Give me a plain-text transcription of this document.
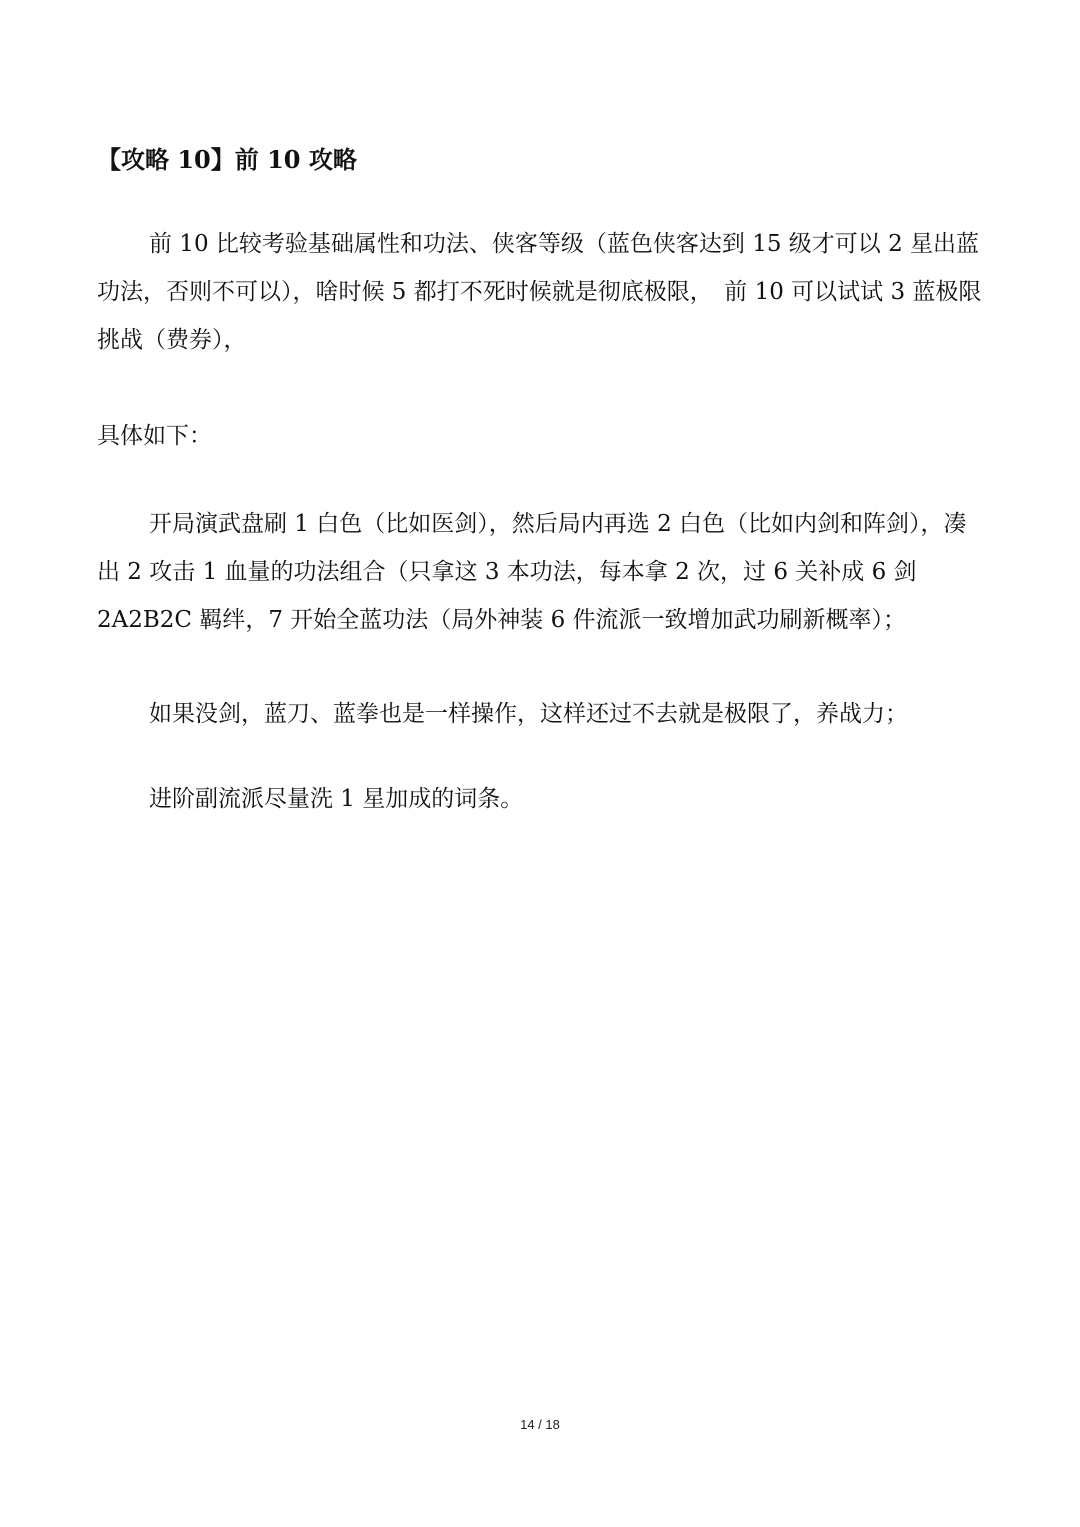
【攻略 10】前 10 攻略

前 10 比较考验基础属性和功法、侠客等级（蓝色侠客达到 15 级才可以 2 星出蓝功法，否则不可以），啥时候 5 都打不死时候就是彻底极限，　前 10 可以试试 3 蓝极限挑战（费券），

具体如下：

开局演武盘刷 1 白色（比如医剑），然后局内再选 2 白色（比如内剑和阵剑），凑出 2 攻击 1 血量的功法组合（只拿这 3 本功法，每本拿 2 次，过 6 关补成 6 剑 2A2B2C 羁绊，7 开始全蓝功法（局外神装 6 件流派一致增加武功刷新概率）；

如果没剑，蓝刀、蓝拳也是一样操作，这样还过不去就是极限了，养战力；

进阶副流派尽量洗 1 星加成的词条。

14 / 18
